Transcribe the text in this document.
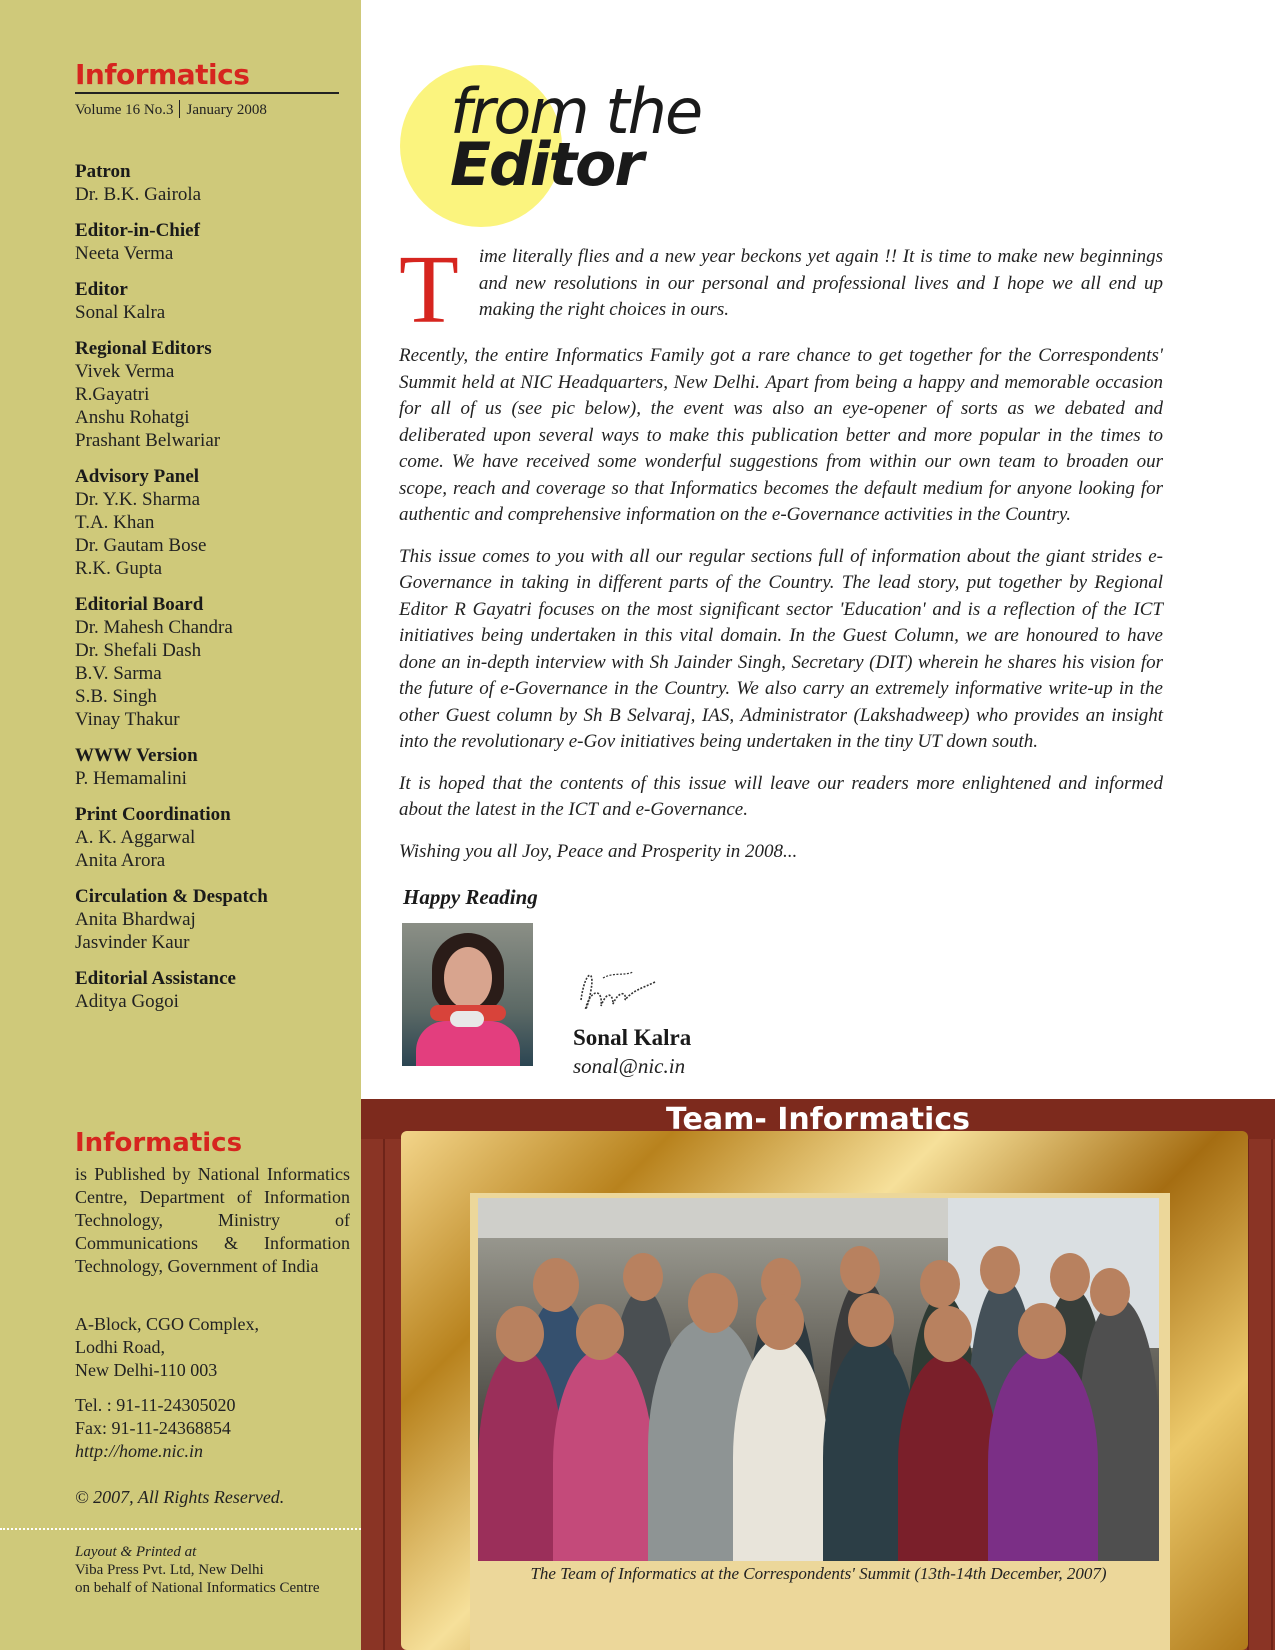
Informatics
Volume 16 No.3 January 2008
Patron
Dr. B.K. Gairola
Editor-in-Chief
Neeta Verma
Editor
Sonal Kalra
Regional Editors
Vivek Verma
R.Gayatri
Anshu Rohatgi
Prashant Belwariar
Advisory Panel
Dr. Y.K. Sharma
T.A. Khan
Dr. Gautam Bose
R.K. Gupta
Editorial Board
Dr. Mahesh Chandra
Dr. Shefali Dash
B.V. Sarma
S.B. Singh
Vinay Thakur
WWW Version
P. Hemamalini
Print Coordination
A. K. Aggarwal
Anita Arora
Circulation & Despatch
Anita Bhardwaj
Jasvinder Kaur
Editorial Assistance
Aditya Gogoi
Informatics
is Published by National Informatics Centre, Department of Information Technology, Ministry of Communications & Information Technology, Government of India
A-Block, CGO Complex,
Lodhi Road,
New Delhi-110 003
Tel. : 91-11-24305020
Fax: 91-11-24368854
http://home.nic.in
© 2007, All Rights Reserved.
Layout & Printed at
Viba Press Pvt. Ltd, New Delhi
on behalf of National Informatics Centre
from the
Editor

T ime literally flies and a new year beckons yet again !! It is time to make new beginnings and new resolutions in our personal and professional lives and I hope we all end up making the right choices in ours.

Recently, the entire Informatics Family got a rare chance to get together for the Correspondents' Summit held at NIC Headquarters, New Delhi. Apart from being a happy and memorable occasion for all of us (see pic below), the event was also an eye-opener of sorts as we debated and deliberated upon several ways to make this publication better and more popular in the times to come. We have received some wonderful suggestions from within our own team to broaden our scope, reach and coverage so that Informatics becomes the default medium for anyone looking for authentic and comprehensive information on the e-Governance activities in the Country.

This issue comes to you with all our regular sections full of information about the giant strides e-Governance in taking in different parts of the Country. The lead story, put together by Regional Editor R Gayatri focuses on the most significant sector 'Education' and is a reflection of the ICT initiatives being undertaken in this vital domain. In the Guest Column, we are honoured to have done an in-depth interview with Sh Jainder Singh, Secretary (DIT) wherein he shares his vision for the future of e-Governance in the Country. We also carry an extremely informative write-up in the other Guest column by Sh B Selvaraj, IAS, Administrator (Lakshadweep) who provides an insight into the revolutionary e-Gov initiatives being undertaken in the tiny UT down south.

It is hoped that the contents of this issue will leave our readers more enlightened and informed about the latest in the ICT and e-Governance.

Wishing you all Joy, Peace and Prosperity in 2008...

Happy Reading
Sonal Kalra
sonal@nic.in
Team- Informatics
The Team of Informatics at the Correspondents' Summit (13th-14th December, 2007)
